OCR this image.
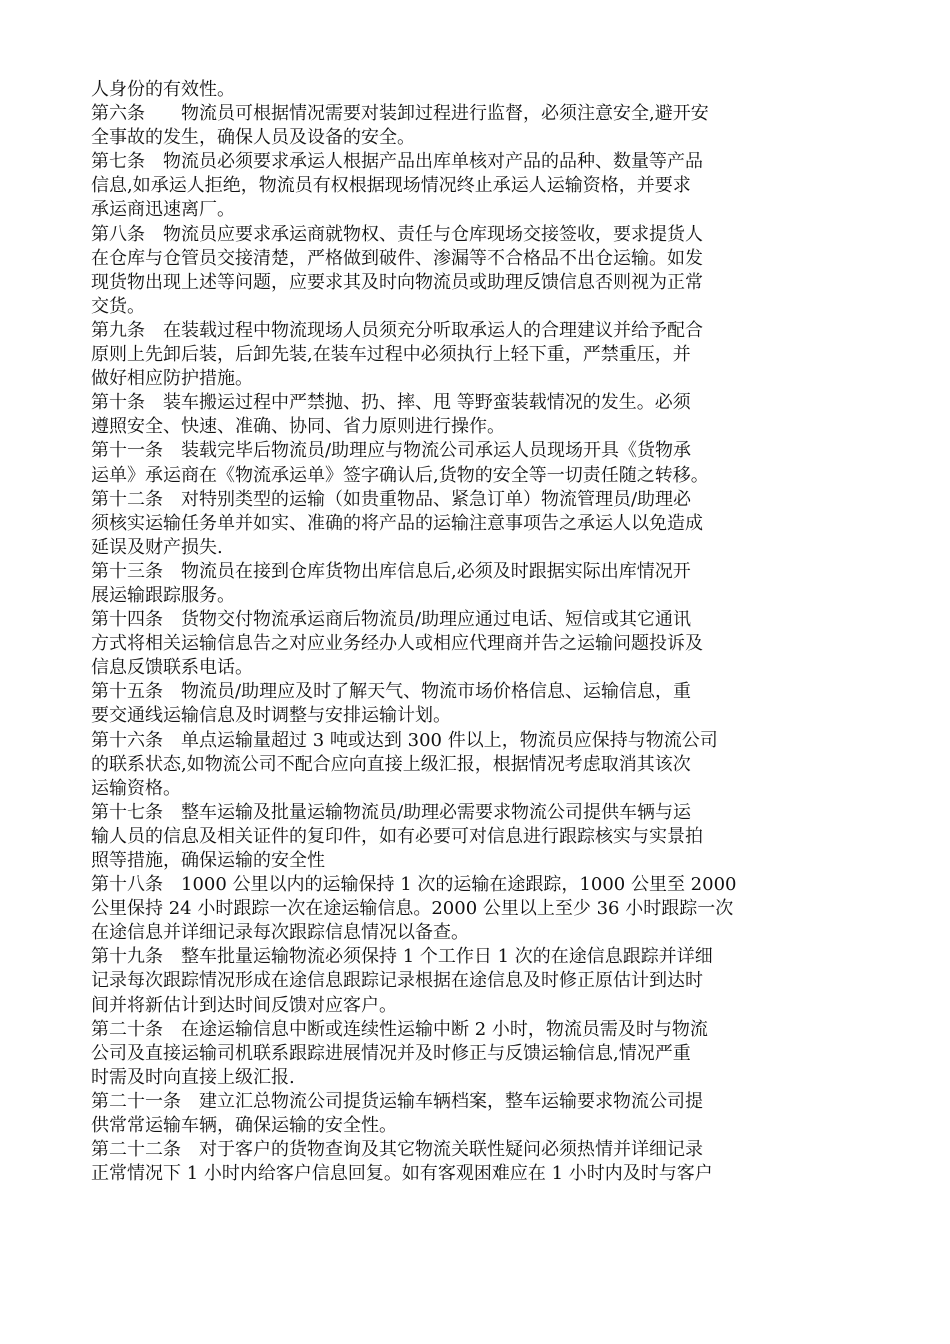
人身份的有效性。
第六条　　物流员可根据情况需要对装卸过程进行监督，必须注意安全,避开安
全事故的发生，确保人员及设备的安全。
第七条　物流员必须要求承运人根据产品出库单核对产品的品种、数量等产品
信息,如承运人拒绝，物流员有权根据现场情况终止承运人运输资格，并要求
承运商迅速离厂。
第八条　物流员应要求承运商就物权、责任与仓库现场交接签收，要求提货人
在仓库与仓管员交接清楚，严格做到破件、渗漏等不合格品不出仓运输。如发
现货物出现上述等问题，应要求其及时向物流员或助理反馈信息否则视为正常
交货。
第九条　在装载过程中物流现场人员须充分听取承运人的合理建议并给予配合
原则上先卸后装，后卸先装,在装车过程中必须执行上轻下重，严禁重压，并
做好相应防护措施。
第十条　装车搬运过程中严禁抛、扔、摔、甩 等野蛮装载情况的发生。必须
遵照安全、快速、准确、协同、省力原则进行操作。
第十一条　装载完毕后物流员/助理应与物流公司承运人员现场开具《货物承
运单》承运商在《物流承运单》签字确认后,货物的安全等一切责任随之转移。
第十二条　对特别类型的运输（如贵重物品、紧急订单）物流管理员/助理必
须核实运输任务单并如实、准确的将产品的运输注意事项告之承运人以免造成
延误及财产损失.
第十三条　物流员在接到仓库货物出库信息后,必须及时跟据实际出库情况开
展运输跟踪服务。
第十四条　货物交付物流承运商后物流员/助理应通过电话、短信或其它通讯
方式将相关运输信息告之对应业务经办人或相应代理商并告之运输问题投诉及
信息反馈联系电话。
第十五条　物流员/助理应及时了解天气、物流市场价格信息、运输信息，重
要交通线运输信息及时调整与安排运输计划。
第十六条　单点运输量超过 3 吨或达到 300 件以上，物流员应保持与物流公司
的联系状态,如物流公司不配合应向直接上级汇报，根据情况考虑取消其该次
运输资格。
第十七条　整车运输及批量运输物流员/助理必需要求物流公司提供车辆与运
输人员的信息及相关证件的复印件，如有必要可对信息进行跟踪核实与实景拍
照等措施，确保运输的安全性
第十八条　1000 公里以内的运输保持 1 次的运输在途跟踪，1000 公里至 2000
公里保持 24 小时跟踪一次在途运输信息。2000 公里以上至少 36 小时跟踪一次
在途信息并详细记录每次跟踪信息情况以备查。
第十九条　整车批量运输物流必须保持 1 个工作日 1 次的在途信息跟踪并详细
记录每次跟踪情况形成在途信息跟踪记录根据在途信息及时修正原估计到达时
间并将新估计到达时间反馈对应客户。
第二十条　在途运输信息中断或连续性运输中断 2 小时，物流员需及时与物流
公司及直接运输司机联系跟踪进展情况并及时修正与反馈运输信息,情况严重
时需及时向直接上级汇报.
第二十一条　建立汇总物流公司提货运输车辆档案，整车运输要求物流公司提
供常常运输车辆，确保运输的安全性。
第二十二条　对于客户的货物查询及其它物流关联性疑问必须热情并详细记录
正常情况下 1 小时内给客户信息回复。如有客观困难应在 1 小时内及时与客户
